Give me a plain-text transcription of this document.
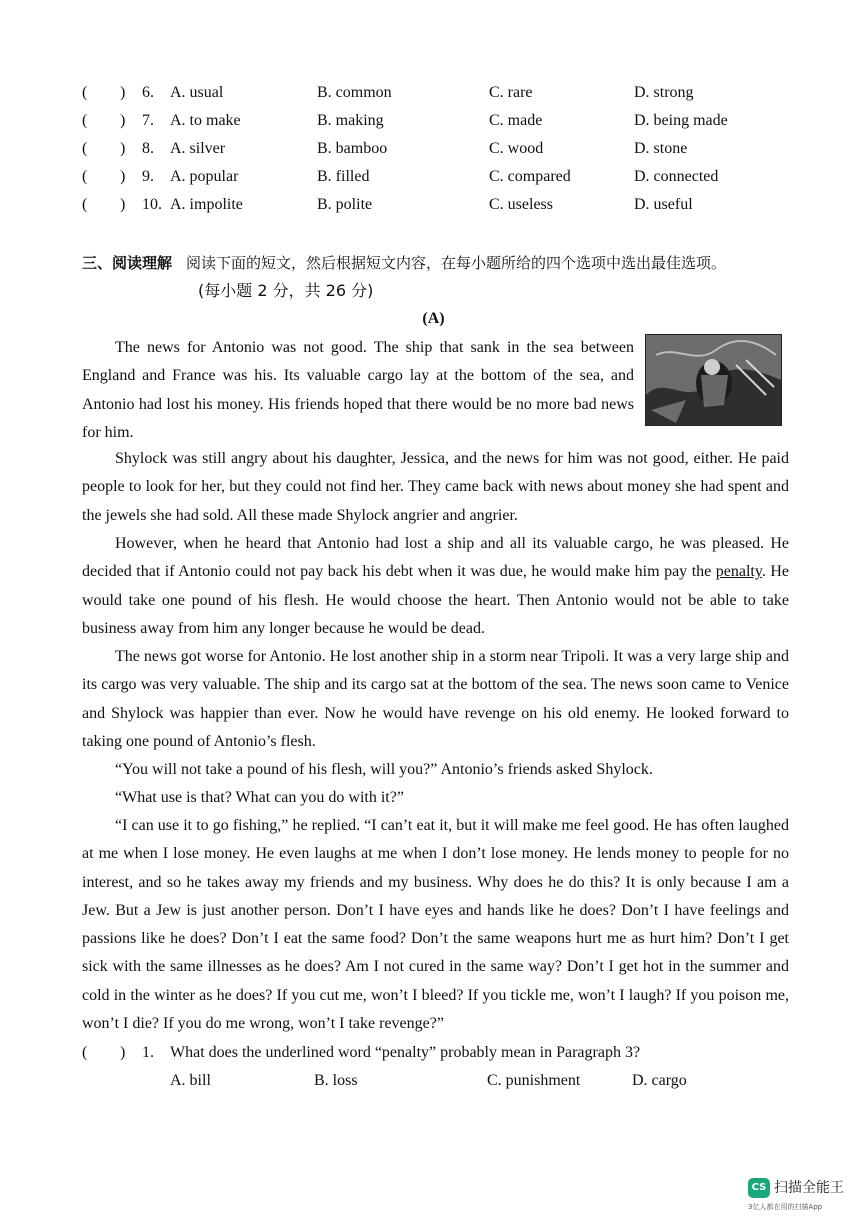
( ) 6. A. usual	B. common	C. rare	D. strong
( ) 7. A. to make	B. making	C. made	D. being made
( ) 8. A. silver	B. bamboo	C. wood	D. stone
( ) 9. A. popular	B. filled	C. compared	D. connected
( ) 10. A. impolite	B. polite	C. useless	D. useful
三、阅读理解 阅读下面的短文，然后根据短文内容，在每小题所给的四个选项中选出最佳选项。
(每小题 2 分，共 26 分)
(A)

The news for Antonio was not good. The ship that sank in the sea between England and France was his. Its valuable cargo lay at the bottom of the sea, and Antonio had lost his money. His friends hoped that there would be no more bad news for him.

Shylock was still angry about his daughter, Jessica, and the news for him was not good, either. He paid people to look for her, but they could not find her. They came back with news about money she had spent and the jewels she had sold. All these made Shylock angrier and angrier.

However, when he heard that Antonio had lost a ship and all its valuable cargo, he was pleased. He decided that if Antonio could not pay back his debt when it was due, he would make him pay the penalty. He would take one pound of his flesh. He would choose the heart. Then Antonio would not be able to take business away from him any longer because he would be dead.

The news got worse for Antonio. He lost another ship in a storm near Tripoli. It was a very large ship and its cargo was very valuable. The ship and its cargo sat at the bottom of the sea. The news soon came to Venice and Shylock was happier than ever. Now he would have revenge on his old enemy. He looked forward to taking one pound of Antonio’s flesh.

“You will not take a pound of his flesh, will you?” Antonio’s friends asked Shylock.

“What use is that? What can you do with it?”

“I can use it to go fishing,” he replied. “I can’t eat it, but it will make me feel good. He has often laughed at me when I lose money. He even laughs at me when I don’t lose money. He lends money to people for no interest, and so he takes away my friends and my business. Why does he do this? It is only because I am a Jew. But a Jew is just another person. Don’t I have eyes and hands like he does? Don’t I have feelings and passions like he does? Don’t I eat the same food? Don’t the same weapons hurt me as hurt him? Don’t I get sick with the same illnesses as he does? Am I not cured in the same way? Don’t I get hot in the summer and cold in the winter as he does? If you cut me, won’t I bleed? If you tickle me, won’t I laugh? If you poison me, won’t I die? If you do me wrong, won’t I take revenge?”

( ) 1. What does the underlined word “penalty” probably mean in Paragraph 3?
A. bill	B. loss	C. punishment	D. cargo
CS 扫描全能王
3亿人都在用的扫描App
